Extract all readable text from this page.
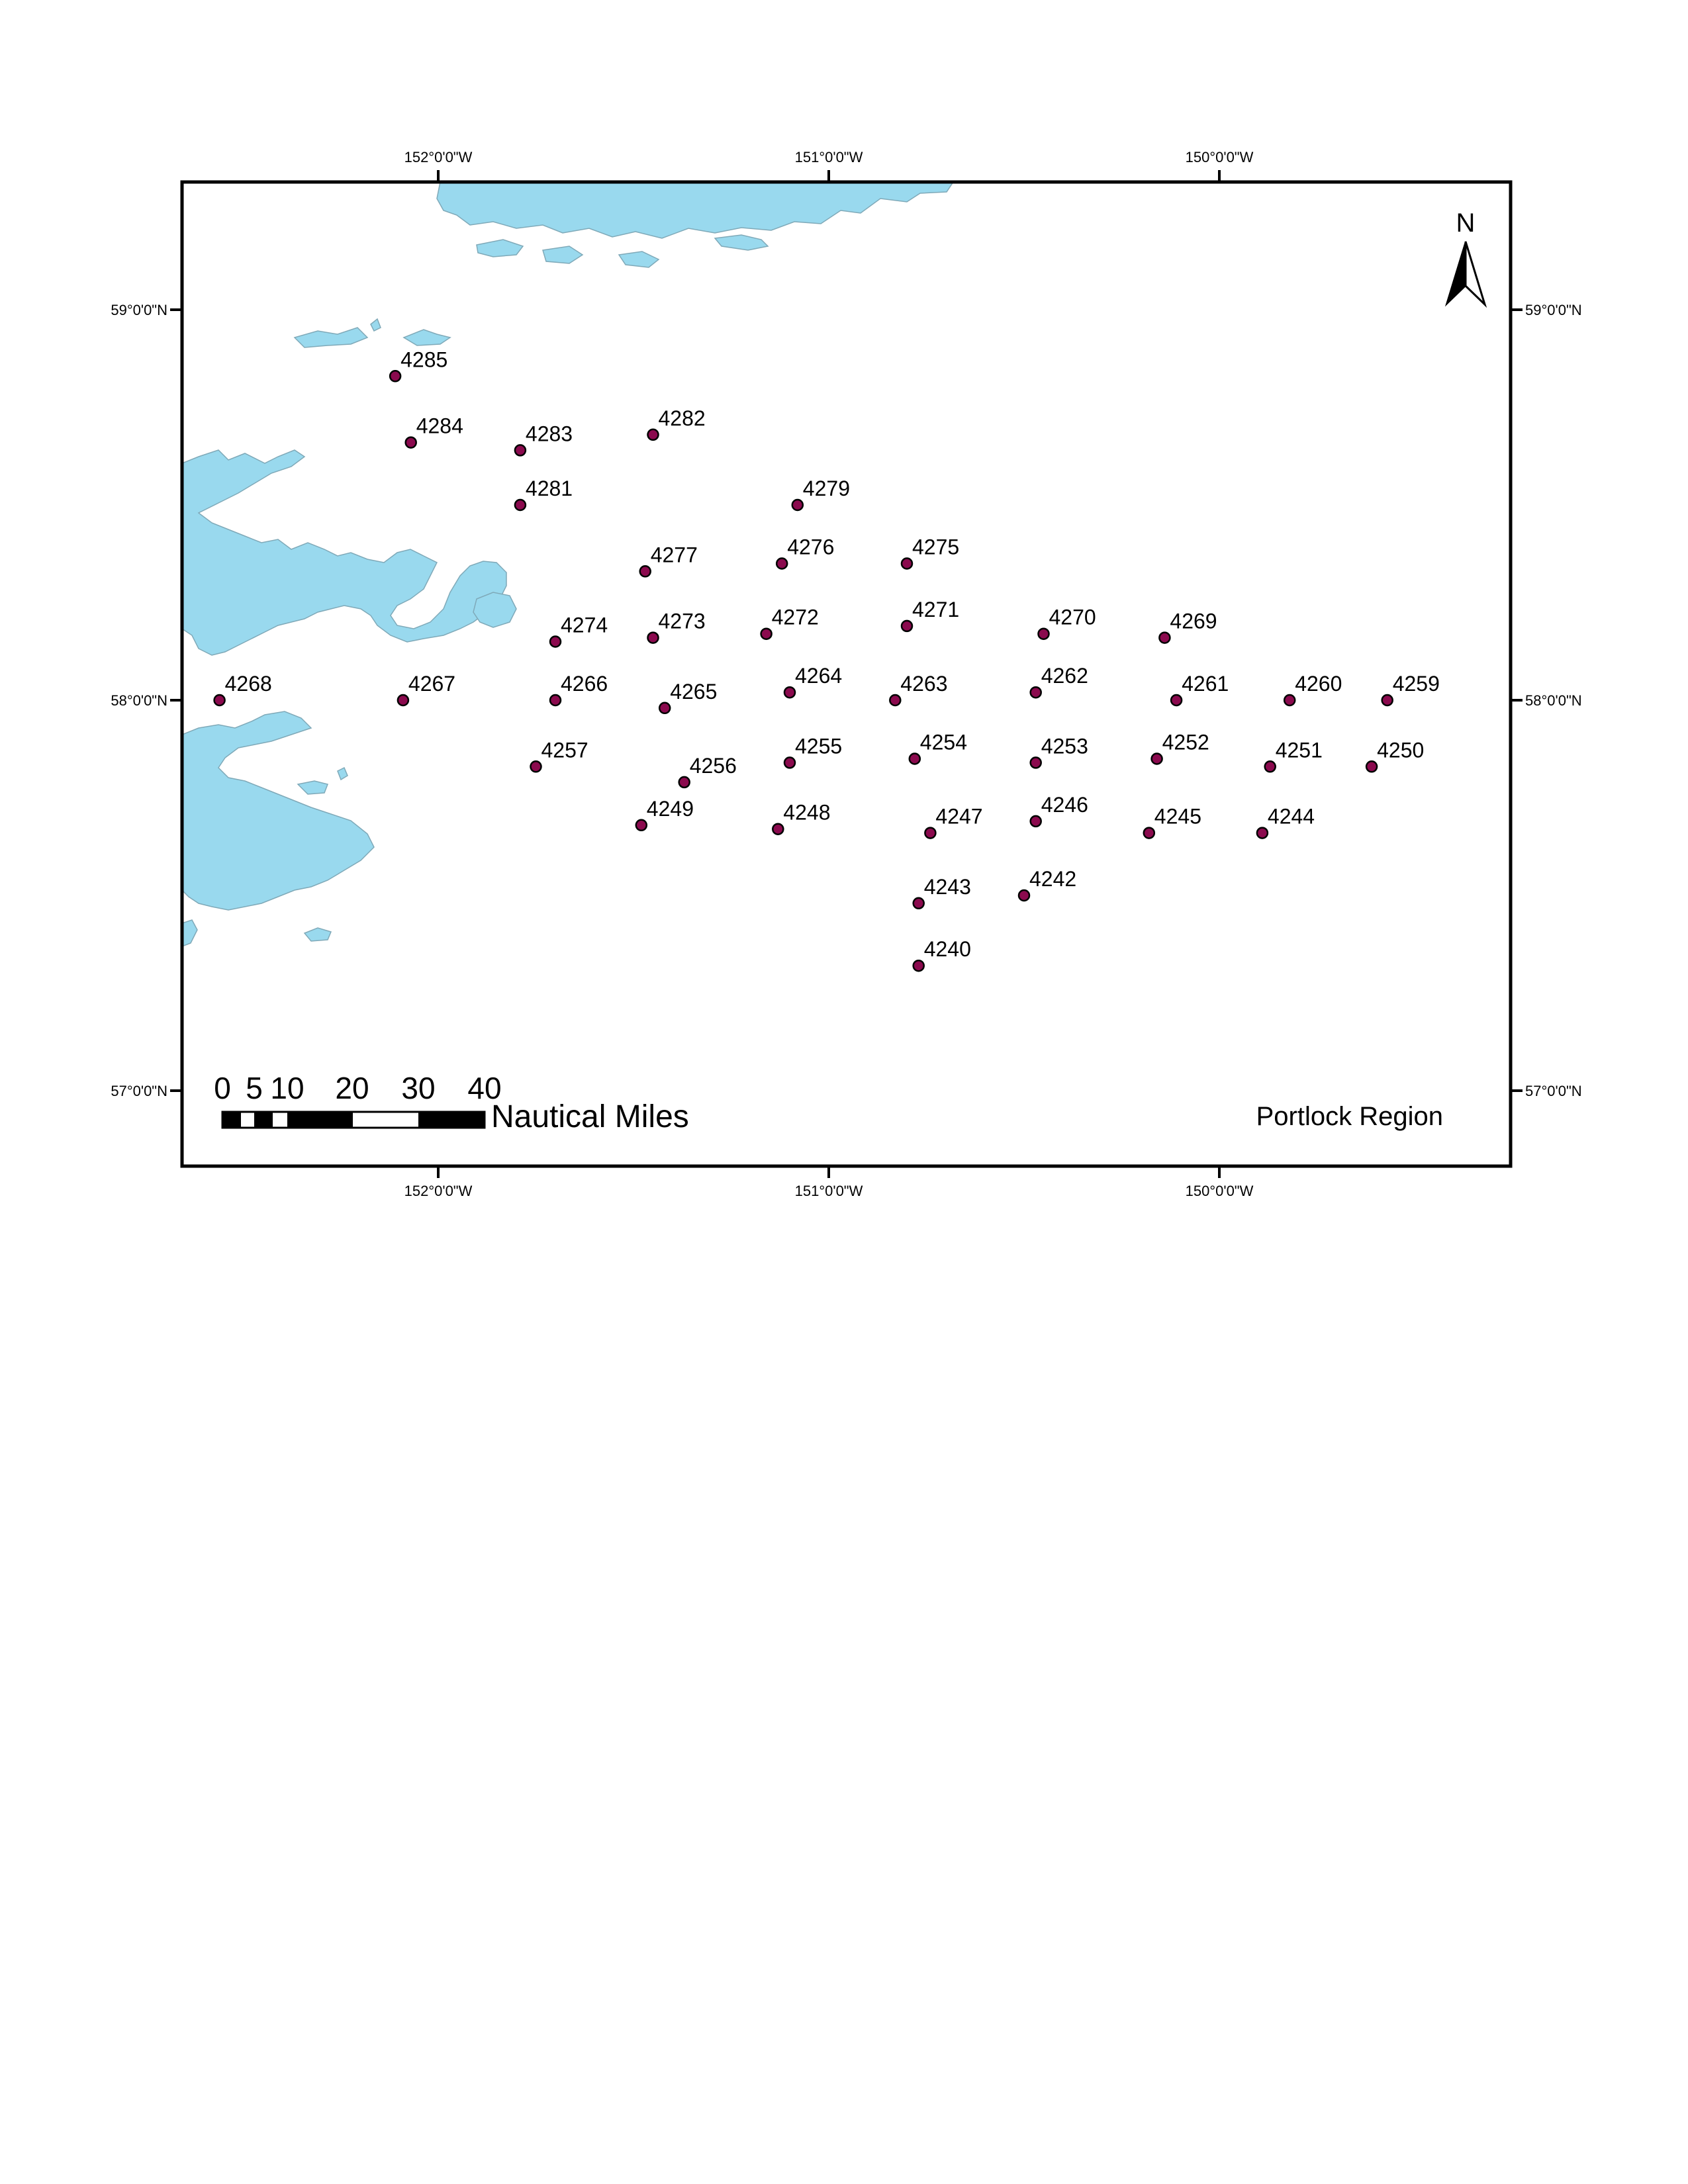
152°0'0"W
152°0'0"W
151°0'0"W
151°0'0"W
150°0'0"W
150°0'0"W
59°0'0"N	59°0'0"N
58°0'0"N	58°0'0"N
57°0'0"N	57°0'0"N
4285
4284	4283
4282
4281	4279
4277	4276	4275
4274 4273	4272	4271	4270	4269
4268	4267	4266	4265
4264	4263	4262	4261	4260 4259
4257
4256
4255	4254	4253	4252	4251	4250
4249	4248	4247	4246	4245	4244
4243	4242
4240
N
0 5 10 20 30 40
Nautical Miles	Portlock Region
